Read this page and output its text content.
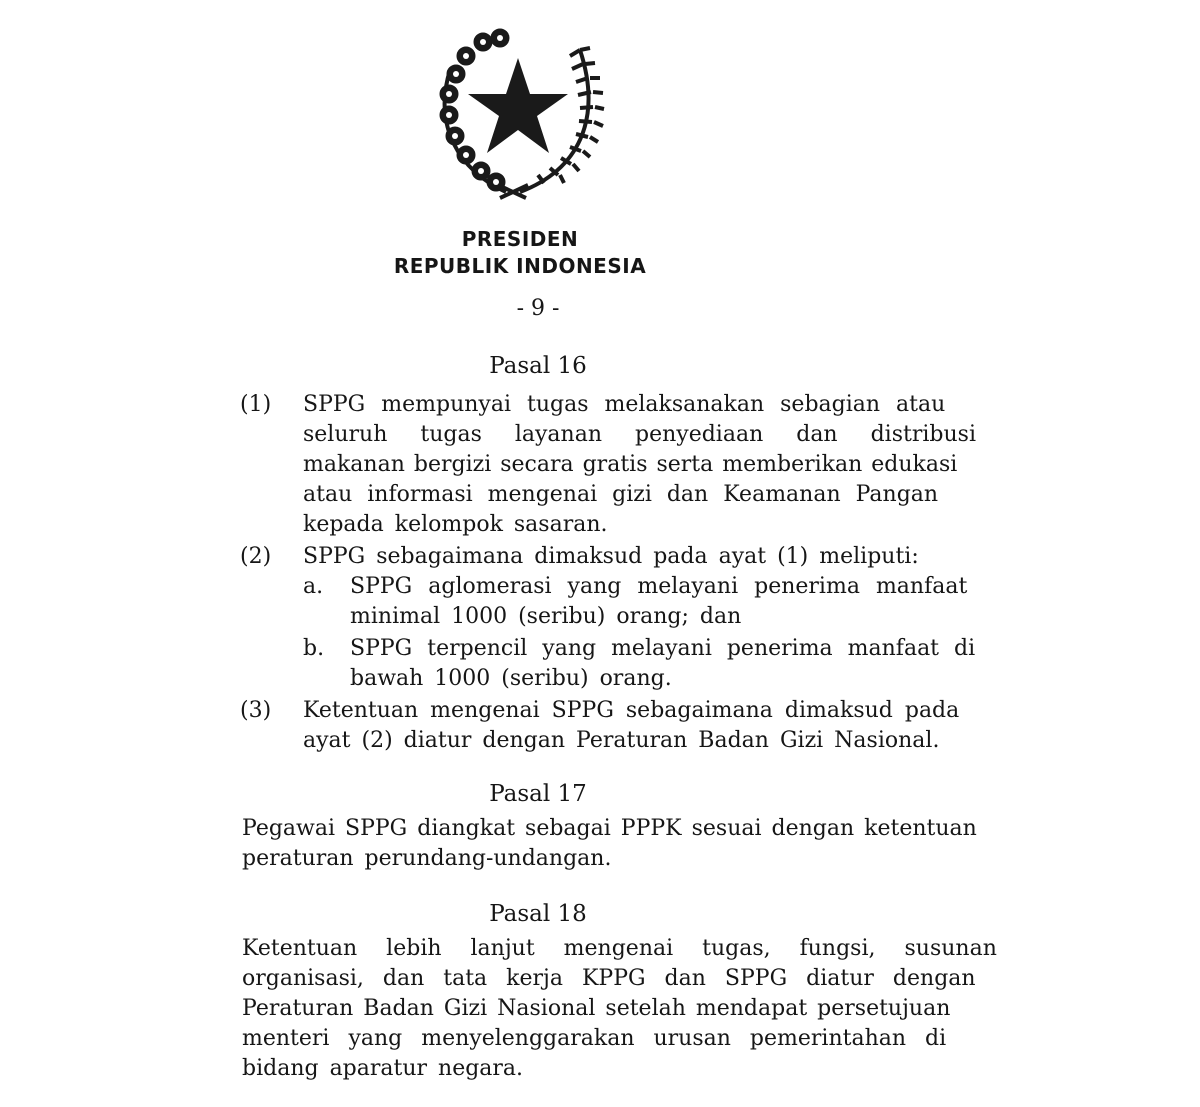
PRESIDEN
REPUBLIK INDONESIA
- 9 -
Pasal 16
(1) SPPG mempunyai tugas melaksanakan sebagian atau
seluruh tugas layanan penyediaan dan distribusi
makanan bergizi secara gratis serta memberikan edukasi
atau informasi mengenai gizi dan Keamanan Pangan
kepada kelompok sasaran.
(2) SPPG sebagaimana dimaksud pada ayat (1) meliputi:
a. SPPG aglomerasi yang melayani penerima manfaat
minimal 1000 (seribu) orang; dan
b. SPPG terpencil yang melayani penerima manfaat di
bawah 1000 (seribu) orang.
(3) Ketentuan mengenai SPPG sebagaimana dimaksud pada
ayat (2) diatur dengan Peraturan Badan Gizi Nasional.
Pasal 17
Pegawai SPPG diangkat sebagai PPPK sesuai dengan ketentuan
peraturan perundang-undangan.
Pasal 18
Ketentuan lebih lanjut mengenai tugas, fungsi, susunan
organisasi, dan tata kerja KPPG dan SPPG diatur dengan
Peraturan Badan Gizi Nasional setelah mendapat persetujuan
menteri yang menyelenggarakan urusan pemerintahan di
bidang aparatur negara.
